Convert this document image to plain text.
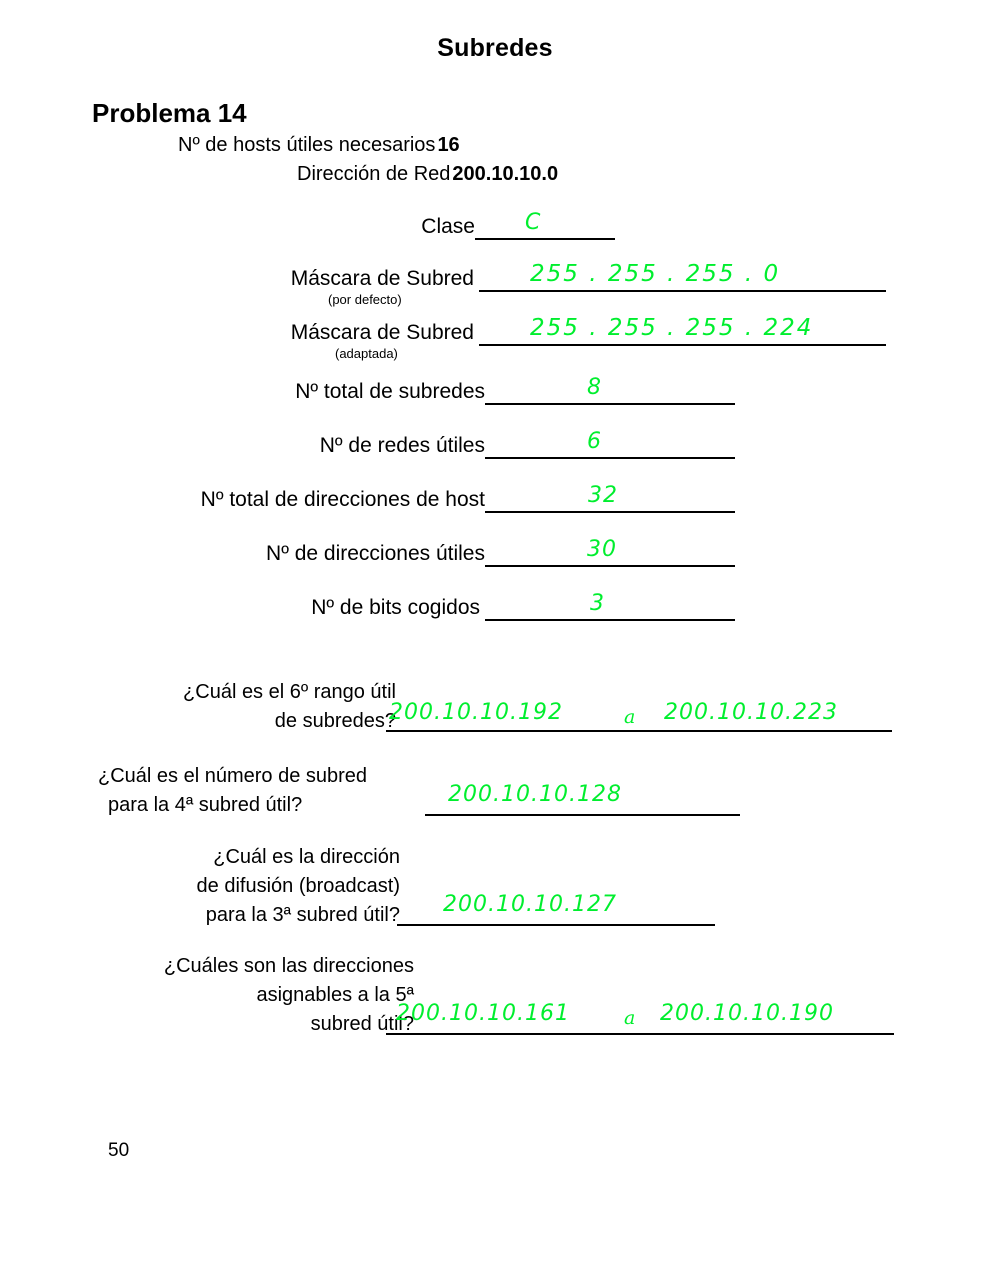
Subredes
Problema 14
Nº de hosts útiles necesarios 16
Dirección de Red 200.10.10.0
Clase C
Máscara de Subred 255 . 255 . 255 . 0
(por defecto)
Máscara de Subred 255 . 255 . 255 . 224
(adaptada)
Nº total de subredes	8
Nº de redes útiles	6
Nº total de direcciones de host	32
Nº de direcciones útiles	30
Nº de bits cogidos	3
¿Cuál es el 6º rango útil
de subredes?
200.10.10.192	a 200.10.10.223
¿Cuál es el número de subred
para la 4ª subred útil?	200.10.10.128
¿Cuál es la dirección
de difusión (broadcast)
para la 3ª subred útil? 200.10.10.127
¿Cuáles son las direcciones
asignables a la 5ª
subred útil?
200.10.10.161	a 200.10.10.190
50
